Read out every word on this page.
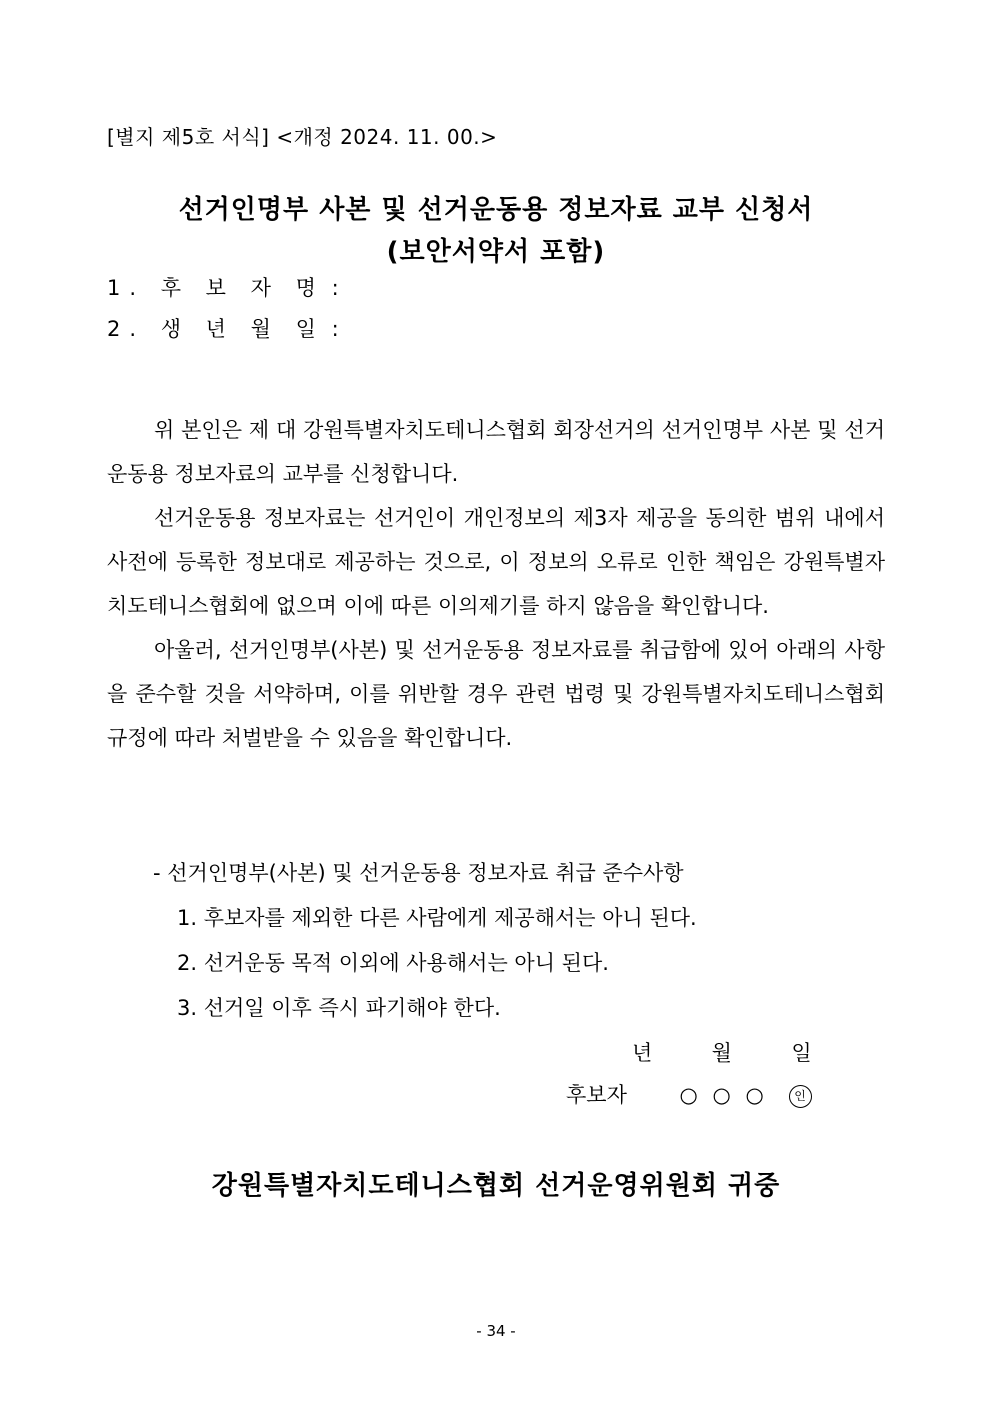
[별지 제5호 서식] <개정 2024. 11. 00.>
선거인명부 사본 및 선거운동용 정보자료 교부 신청서
(보안서약서 포함)
1. 후 보 자 명 :
2. 생 년 월 일 :

위 본인은 제 대 강원특별자치도테니스협회 회장선거의 선거인명부 사본 및 선거운동용 정보자료의 교부를 신청합니다.

선거운동용 정보자료는 선거인이 개인정보의 제3자 제공을 동의한 범위 내에서 사전에 등록한 정보대로 제공하는 것으로, 이 정보의 오류로 인한 책임은 강원특별자치도테니스협회에 없으며 이에 따른 이의제기를 하지 않음을 확인합니다.

아울러, 선거인명부(사본) 및 선거운동용 정보자료를 취급함에 있어 아래의 사항을 준수할 것을 서약하며, 이를 위반할 경우 관련 법령 및 강원특별자치도테니스협회 규정에 따라 처벌받을 수 있음을 확인합니다.

- 선거인명부(사본) 및 선거운동용 정보자료 취급 준수사항
1. 후보자를 제외한 다른 사람에게 제공해서는 아니 된다.
2. 선거운동 목적 이외에 사용해서는 아니 된다.
3. 선거일 이후 즉시 파기해야 한다.
년	월	일
후보자	○ ○ ○ 인
강원특별자치도테니스협회 선거운영위원회 귀중
- 34 -
